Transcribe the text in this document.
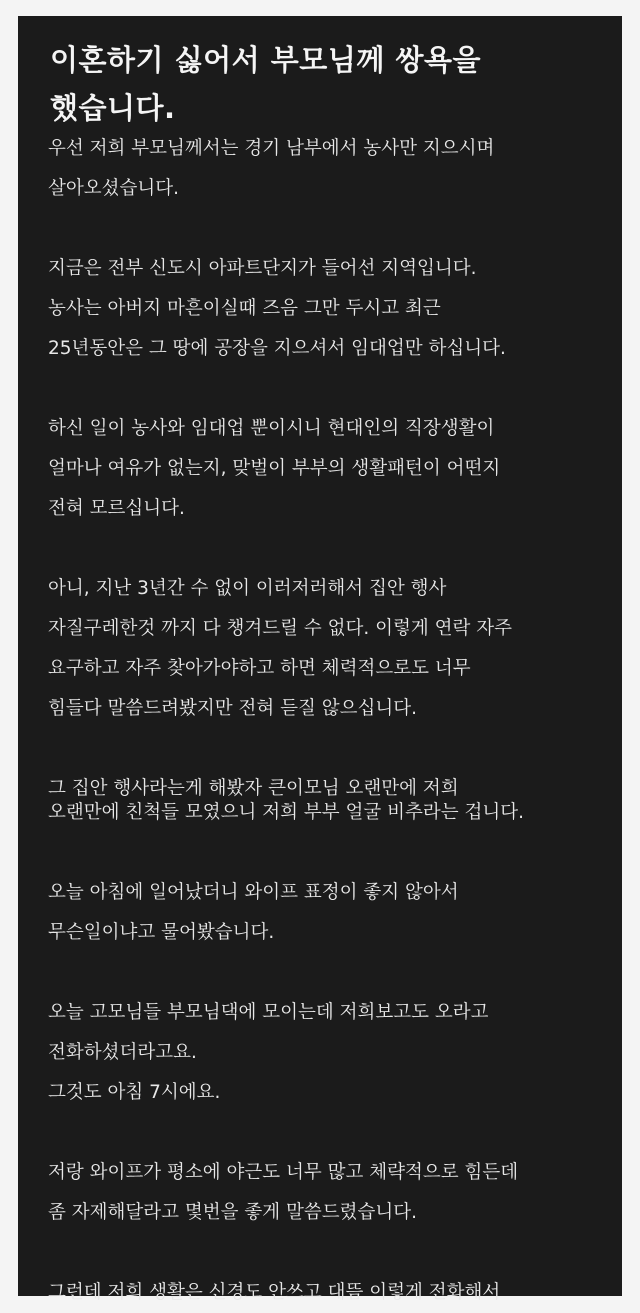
이혼하기 싫어서 부모님께 쌍욕을
했습니다.
우선 저희 부모님께서는 경기 남부에서 농사만 지으시며
살아오셨습니다.
지금은 전부 신도시 아파트단지가 들어선 지역입니다.
농사는 아버지 마흔이실때 즈음 그만 두시고 최근
25년동안은 그 땅에 공장을 지으셔서 임대업만 하십니다.
하신 일이 농사와 임대업 뿐이시니 현대인의 직장생활이
얼마나 여유가 없는지, 맞벌이 부부의 생활패턴이 어떤지
전혀 모르십니다.
아니, 지난 3년간 수 없이 이러저러해서 집안 행사
자질구레한것 까지 다 챙겨드릴 수 없다. 이렇게 연락 자주
요구하고 자주 찾아가야하고 하면 체력적으로도 너무
힘들다 말씀드려봤지만 전혀 듣질 않으십니다.
그 집안 행사라는게 해봤자 큰이모님 오랜만에 저희
오랜만에 친척들 모였으니 저희 부부 얼굴 비추라는 겁니다.
오늘 아침에 일어났더니 와이프 표정이 좋지 않아서
무슨일이냐고 물어봤습니다.
오늘 고모님들 부모님댁에 모이는데 저희보고도 오라고
전화하셨더라고요.
그것도 아침 7시에요.
저랑 와이프가 평소에 야근도 너무 많고 체략적으로 힘든데
좀 자제해달라고 몇번을 좋게 말씀드렸습니다.
그런데 저희 생활은 신경도 안쓰고 대뜸 이렇게 전화해서
